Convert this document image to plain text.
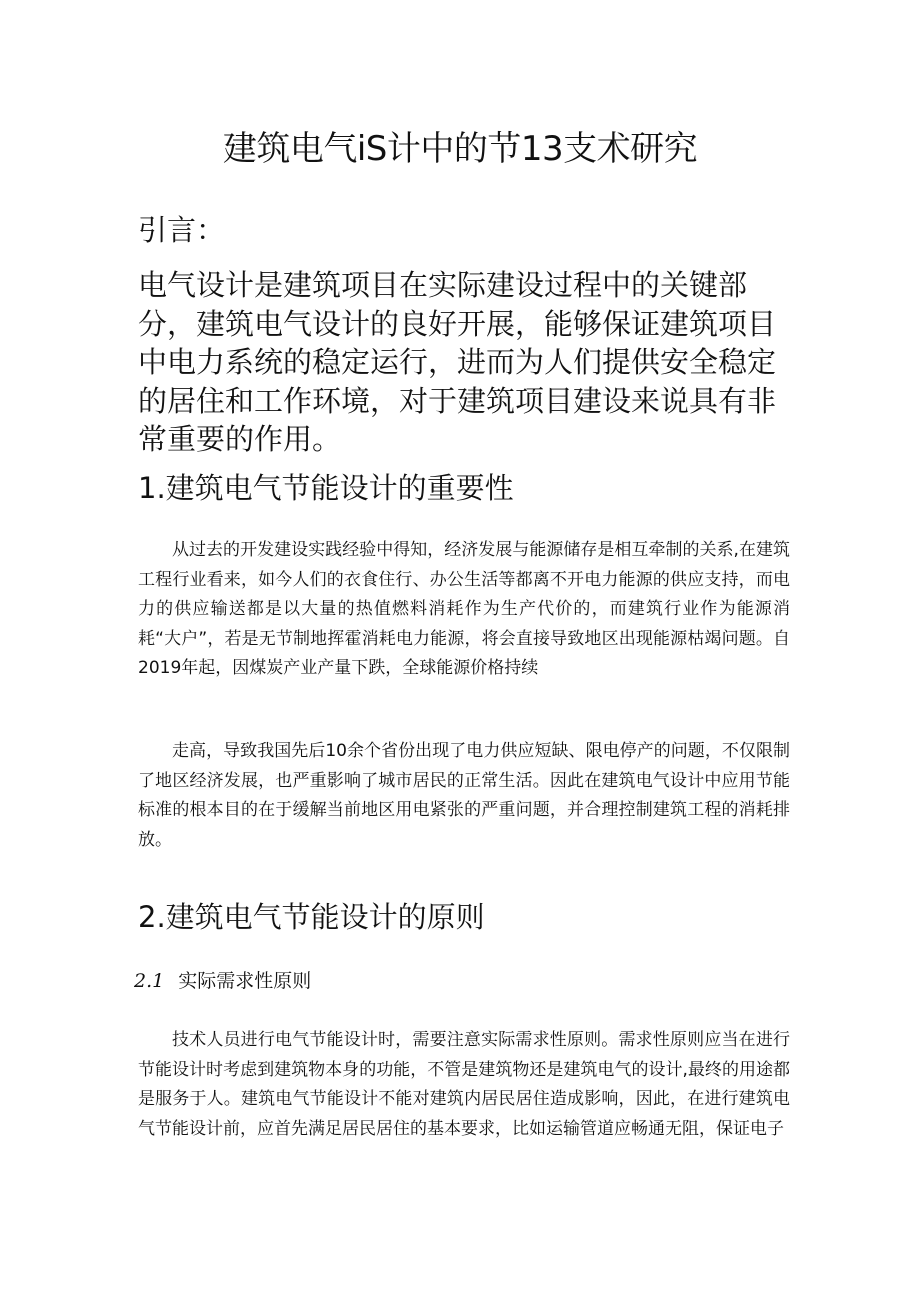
建筑电气iS计中的节13支术研究
引言：

电气设计是建筑项目在实际建设过程中的关键部分，建筑电气设计的良好开展，能够保证建筑项目中电力系统的稳定运行，进而为人们提供安全稳定的居住和工作环境，对于建筑项目建设来说具有非常重要的作用。

1.建筑电气节能设计的重要性

从过去的开发建设实践经验中得知，经济发展与能源储存是相互牵制的关系,在建筑工程行业看来，如今人们的衣食住行、办公生活等都离不开电力能源的供应支持，而电力的供应输送都是以大量的热值燃料消耗作为生产代价的，而建筑行业作为能源消耗“大户”，若是无节制地挥霍消耗电力能源，将会直接导致地区出现能源枯竭问题。自2019年起，因煤炭产业产量下跌，全球能源价格持续

走高，导致我国先后10余个省份出现了电力供应短缺、限电停产的问题，不仅限制了地区经济发展，也严重影响了城市居民的正常生活。因此在建筑电气设计中应用节能标准的根本目的在于缓解当前地区用电紧张的严重问题，并合理控制建筑工程的消耗排放。

2.建筑电气节能设计的原则
2.1 实际需求性原则

技术人员进行电气节能设计时，需要注意实际需求性原则。需求性原则应当在进行节能设计时考虑到建筑物本身的功能，不管是建筑物还是建筑电气的设计,最终的用途都是服务于人。建筑电气节能设计不能对建筑内居民居住造成影响，因此，在进行建筑电气节能设计前，应首先满足居民居住的基本要求，比如运输管道应畅通无阻，保证电子
